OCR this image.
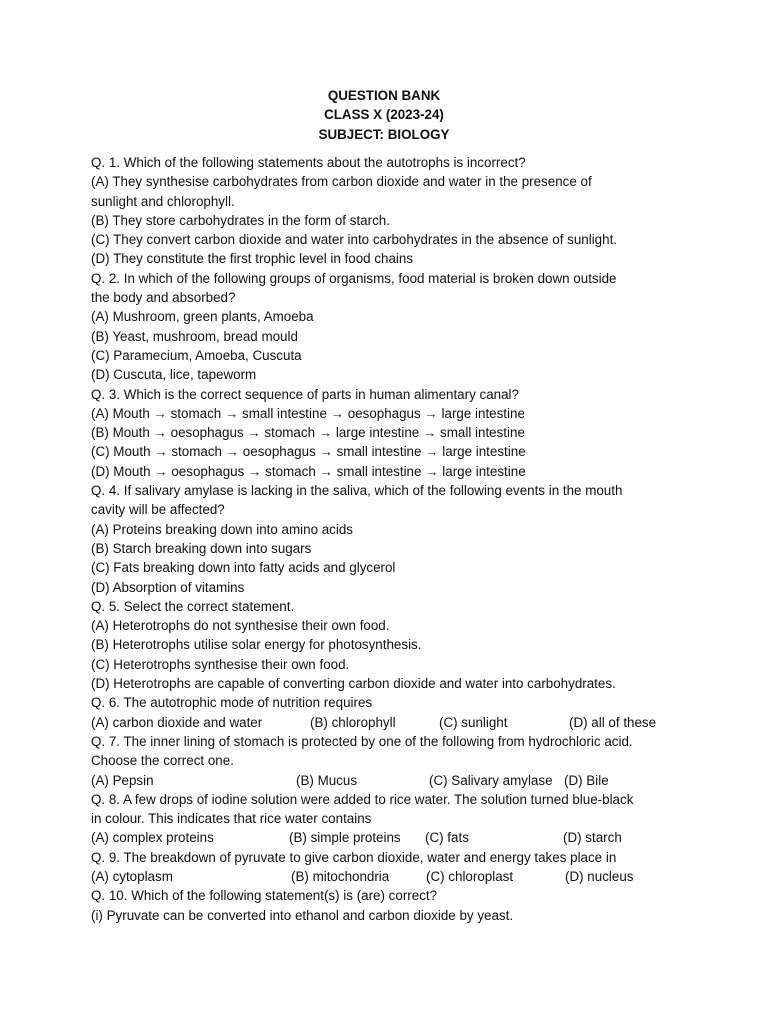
QUESTION BANK
CLASS X (2023-24)
SUBJECT: BIOLOGY
Q. 1. Which of the following statements about the autotrophs is incorrect?
(A) They synthesise carbohydrates from carbon dioxide and water in the presence of
sunlight and chlorophyll.
(B) They store carbohydrates in the form of starch.
(C) They convert carbon dioxide and water into carbohydrates in the absence of sunlight.
(D) They constitute the first trophic level in food chains
Q. 2. In which of the following groups of organisms, food material is broken down outside
the body and absorbed?
(A) Mushroom, green plants, Amoeba
(B) Yeast, mushroom, bread mould
(C) Paramecium, Amoeba, Cuscuta
(D) Cuscuta, lice, tapeworm
Q. 3. Which is the correct sequence of parts in human alimentary canal?
(A) Mouth → stomach → small intestine → oesophagus → large intestine
(B) Mouth → oesophagus → stomach → large intestine → small intestine
(C) Mouth → stomach → oesophagus → small intestine → large intestine
(D) Mouth → oesophagus → stomach → small intestine → large intestine
Q. 4. If salivary amylase is lacking in the saliva, which of the following events in the mouth
cavity will be affected?
(A) Proteins breaking down into amino acids
(B) Starch breaking down into sugars
(C) Fats breaking down into fatty acids and glycerol
(D) Absorption of vitamins
Q. 5. Select the correct statement.
(A) Heterotrophs do not synthesise their own food.
(B) Heterotrophs utilise solar energy for photosynthesis.
(C) Heterotrophs synthesise their own food.
(D) Heterotrophs are capable of converting carbon dioxide and water into carbohydrates.
Q. 6. The autotrophic mode of nutrition requires
(A) carbon dioxide and water	(B) chlorophyll	(C) sunlight	(D) all of these
Q. 7. The inner lining of stomach is protected by one of the following from hydrochloric acid.
Choose the correct one.
(A) Pepsin	(B) Mucus	(C) Salivary amylase (D) Bile
Q. 8. A few drops of iodine solution were added to rice water. The solution turned blue-black
in colour. This indicates that rice water contains
(A) complex proteins	(B) simple proteins (C) fats	(D) starch
Q. 9. The breakdown of pyruvate to give carbon dioxide, water and energy takes place in
(A) cytoplasm	(B) mitochondria	(C) chloroplast	(D) nucleus
Q. 10. Which of the following statement(s) is (are) correct?
(i) Pyruvate can be converted into ethanol and carbon dioxide by yeast.
